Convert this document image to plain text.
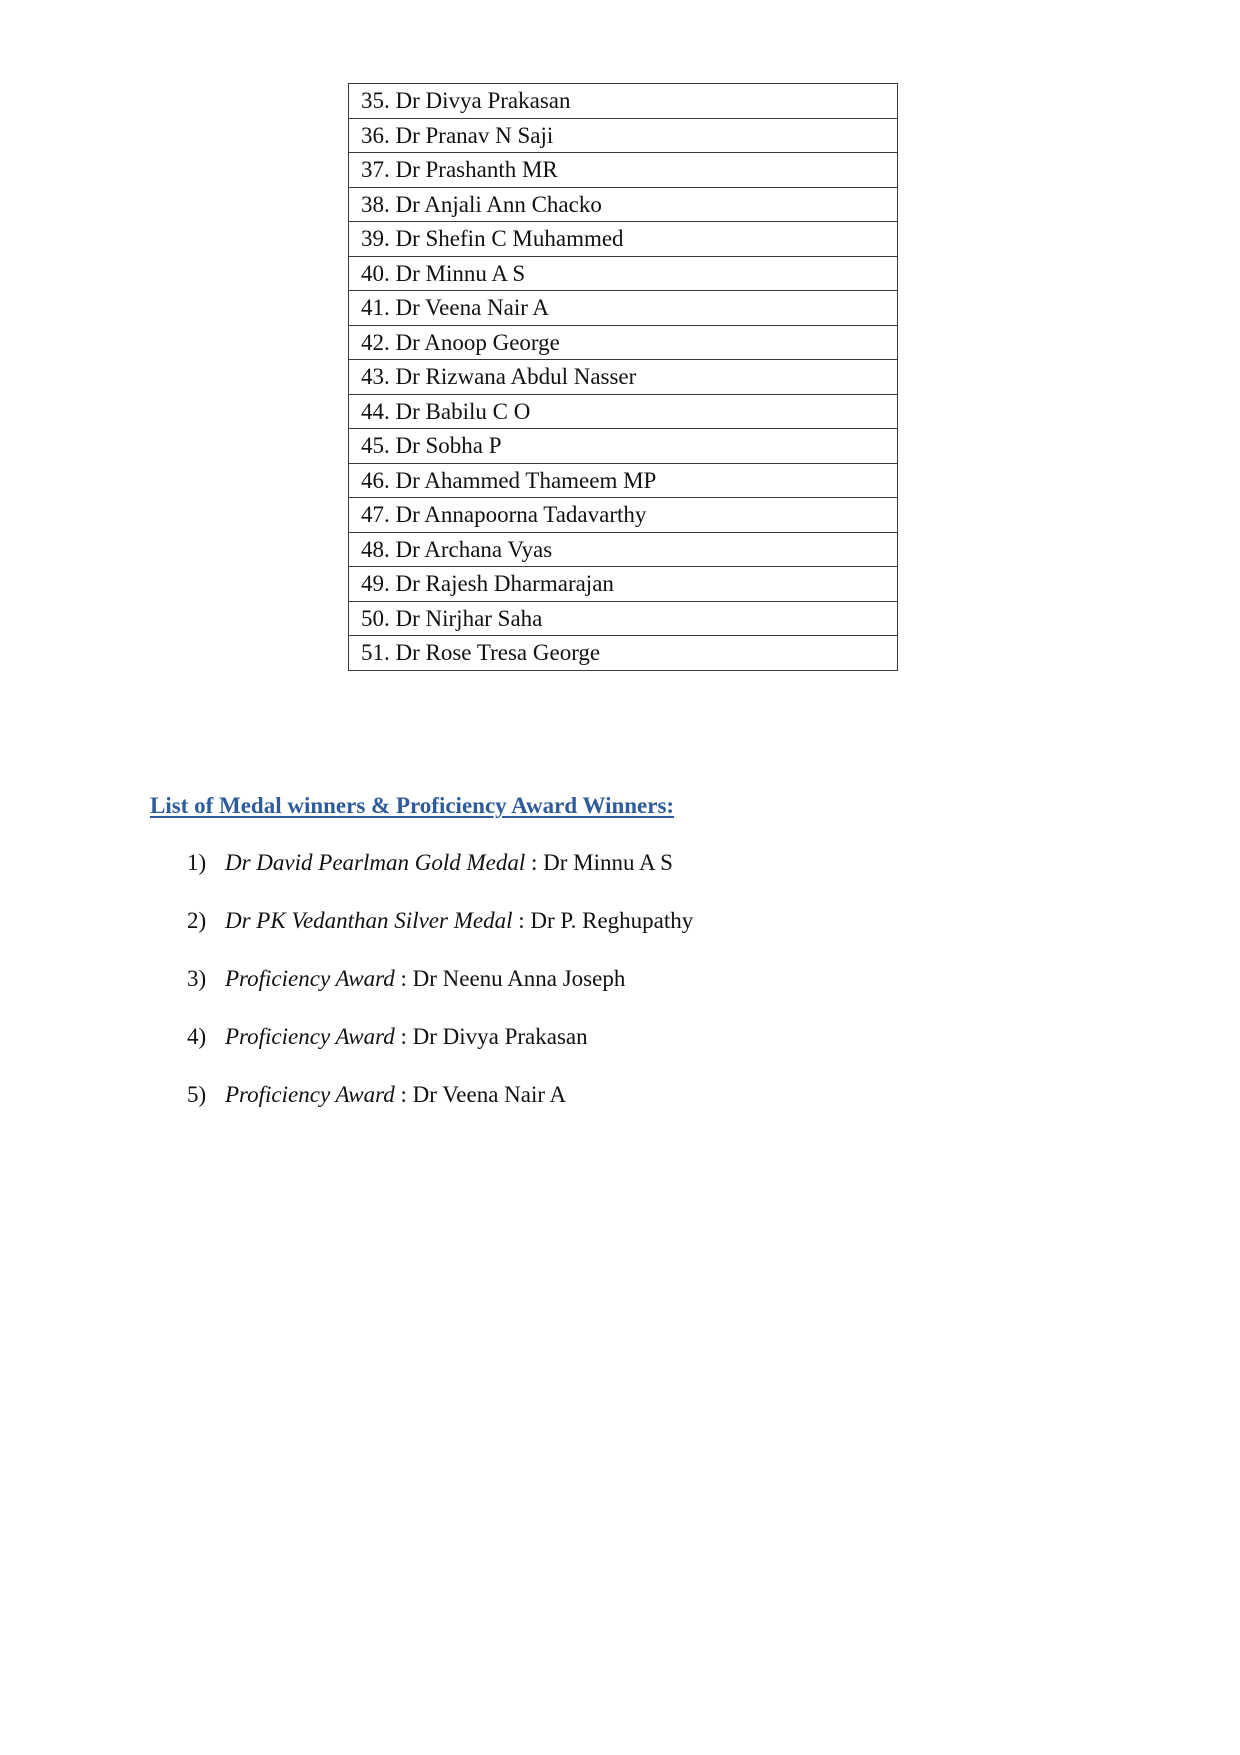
35. Dr Divya Prakasan
36. Dr Pranav N Saji
37. Dr Prashanth MR
38. Dr Anjali Ann Chacko
39. Dr Shefin C Muhammed
40. Dr Minnu A S
41. Dr Veena Nair A
42. Dr Anoop George
43. Dr Rizwana Abdul Nasser
44. Dr Babilu C O
45. Dr Sobha P
46. Dr Ahammed Thameem MP
47. Dr Annapoorna Tadavarthy
48. Dr Archana Vyas
49. Dr Rajesh Dharmarajan
50. Dr Nirjhar Saha
51. Dr Rose Tresa George
List of Medal winners & Proficiency Award Winners:
1) Dr David Pearlman Gold Medal : Dr Minnu A S
2) Dr PK Vedanthan Silver Medal : Dr P. Reghupathy
3) Proficiency Award : Dr Neenu Anna Joseph
4) Proficiency Award : Dr Divya Prakasan
5) Proficiency Award : Dr Veena Nair A
